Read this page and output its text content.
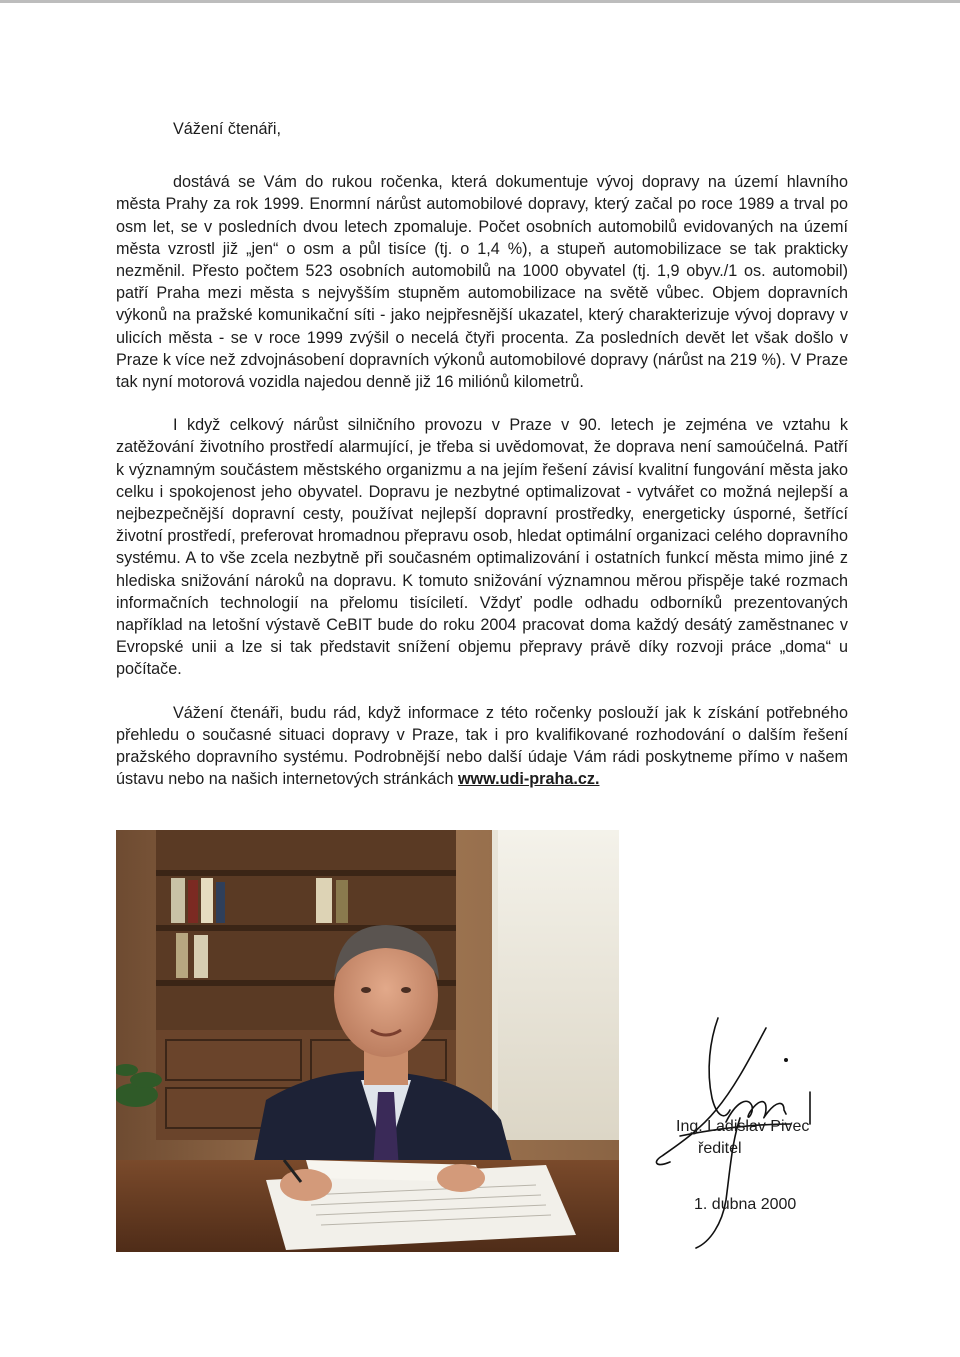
Vážení čtenáři,

dostává se Vám do rukou ročenka, která dokumentuje vývoj dopravy na území hlavního města Prahy za rok 1999. Enormní nárůst automobilové dopravy, který začal po roce 1989 a trval po osm let, se v posledních dvou letech zpomaluje. Počet osobních automobilů evidovaných na území města vzrostl již „jen“ o osm a půl tisíce (tj. o 1,4 %), a stupeň automobilizace se tak prakticky nezměnil. Přesto počtem 523 osobních automobilů na 1000 obyvatel (tj. 1,9 obyv./1 os. automobil) patří Praha mezi města s nejvyšším stupněm automobilizace na světě vůbec. Objem dopravních výkonů na pražské komunikační síti - jako nejpřesnější ukazatel, který charakterizuje vývoj dopravy v ulicích města - se v roce 1999 zvýšil o necelá čtyři procenta. Za posledních devět let však došlo v Praze k více než zdvojnásobení dopravních výkonů automobilové dopravy (nárůst na 219 %). V Praze tak nyní motorová vozidla najedou denně již 16 miliónů kilometrů.

I když celkový nárůst silničního provozu v Praze v 90. letech je zejména ve vztahu k zatěžování životního prostředí alarmující, je třeba si uvědomovat, že doprava není samoúčelná. Patří k významným součástem městského organizmu a na jejím řešení závisí kvalitní fungování města jako celku i spokojenost jeho obyvatel. Dopravu je nezbytné optimalizovat - vytvářet co možná nejlepší a nejbezpečnější dopravní cesty, používat nejlepší dopravní prostředky, energeticky úsporné, šetřící životní prostředí, preferovat hromadnou přepravu osob, hledat optimální organizaci celého dopravního systému. A to vše zcela nezbytně při současném optimalizování i ostatních funkcí města mimo jiné z hlediska snižování nároků na dopravu. K tomuto snižování významnou měrou přispěje také rozmach informačních technologií na přelomu tisíciletí. Vždyť podle odhadu odborníků prezentovaných například na letošní výstavě CeBIT bude do roku 2004 pracovat doma každý desátý zaměstnanec v Evropské unii a lze si tak představit snížení objemu přepravy právě díky rozvoji práce „doma“ u počítače.

Vážení čtenáři, budu rád, když informace z této ročenky poslouží jak k získání potřebného přehledu o současné situaci dopravy v Praze, tak i pro kvalifikované rozhodování o dalším řešení pražského dopravního systému. Podrobnější nebo další údaje Vám rádi poskytneme přímo v našem ústavu nebo na našich internetových stránkách www.udi-praha.cz.

Ing. Ladislav Pivec
ředitel
1. dubna 2000
